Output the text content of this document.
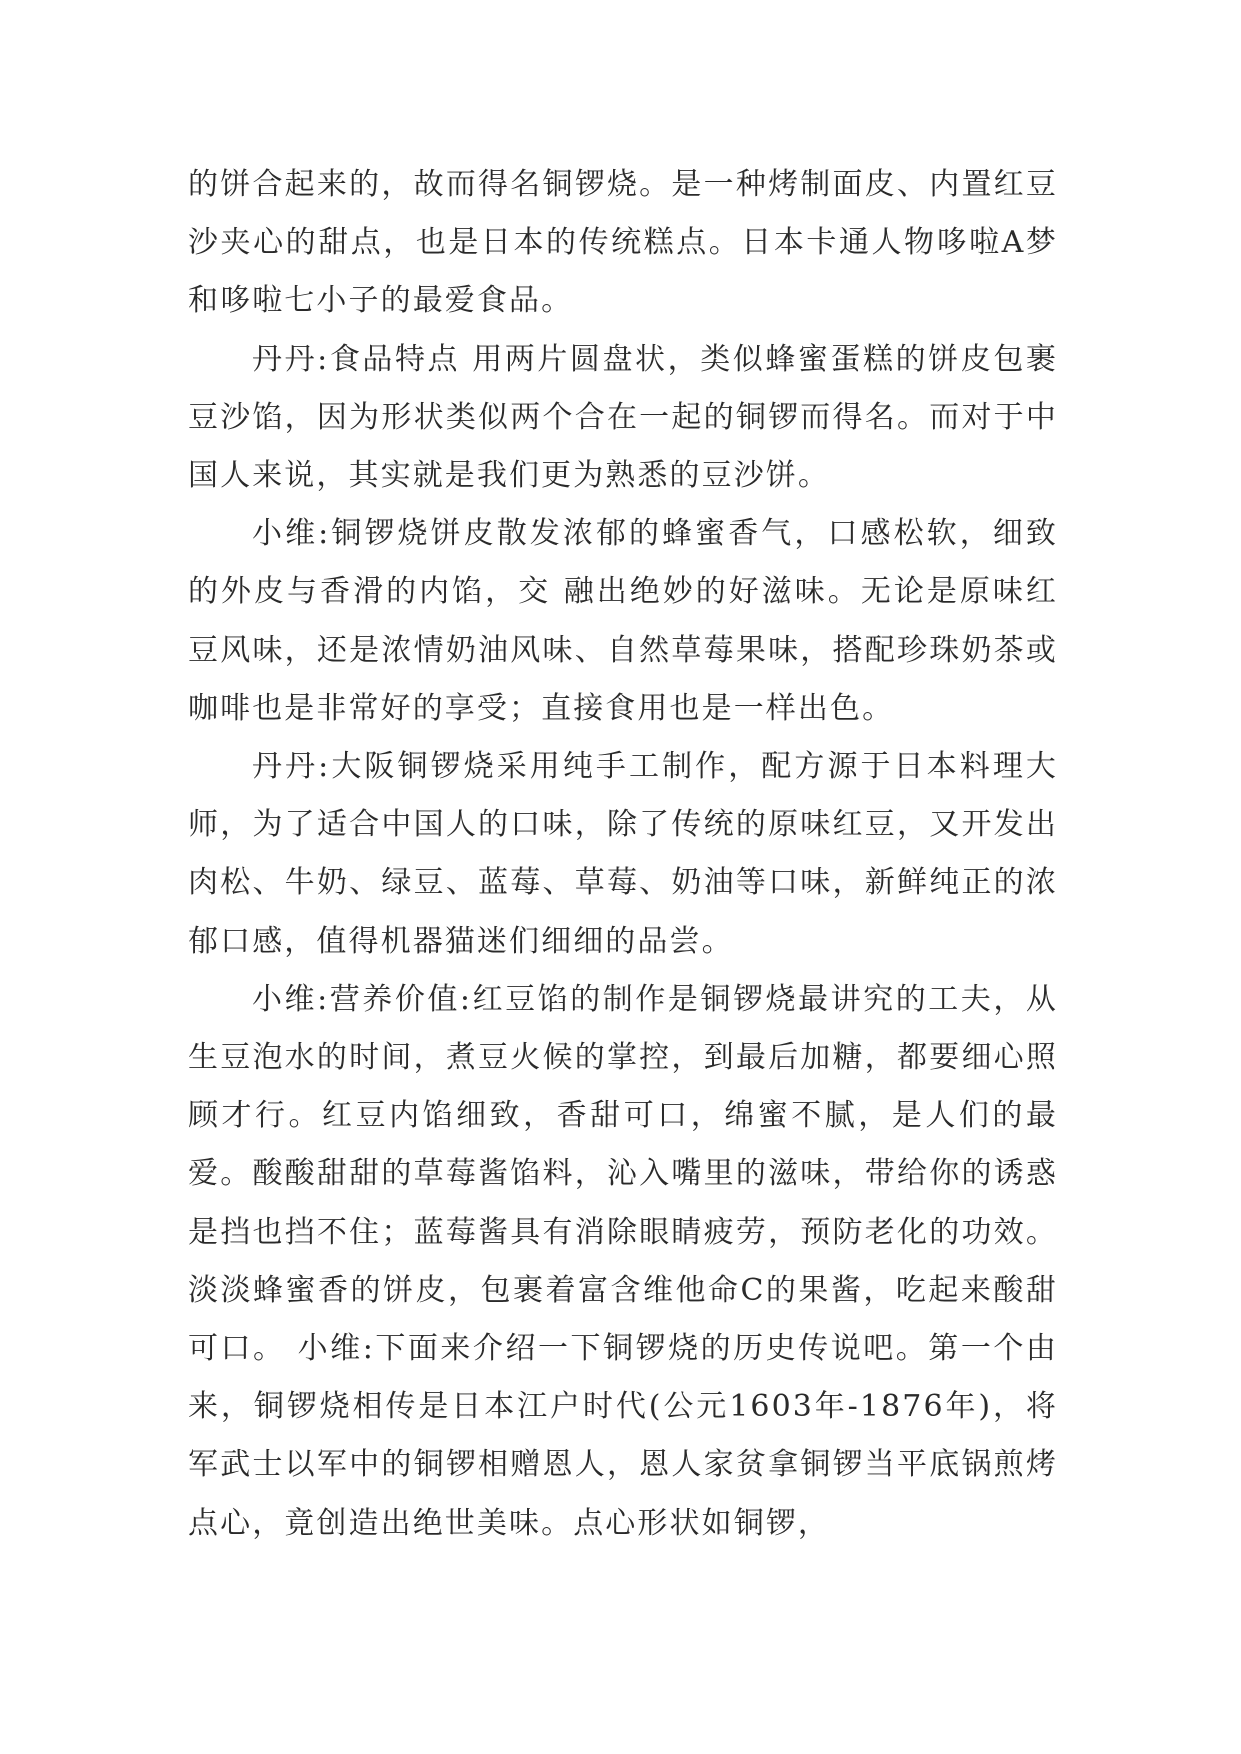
的饼合起来的，故而得名铜锣烧。是一种烤制面皮、内置红豆沙夹心的甜点，也是日本的传统糕点。日本卡通人物哆啦A梦和哆啦七小子的最爱食品。

丹丹:食品特点 用两片圆盘状，类似蜂蜜蛋糕的饼皮包裹豆沙馅，因为形状类似两个合在一起的铜锣而得名。而对于中国人来说，其实就是我们更为熟悉的豆沙饼。

小维:铜锣烧饼皮散发浓郁的蜂蜜香气，口感松软，细致的外皮与香滑的内馅，交 融出绝妙的好滋味。无论是原味红豆风味，还是浓情奶油风味、自然草莓果味，搭配珍珠奶茶或咖啡也是非常好的享受；直接食用也是一样出色。

丹丹:大阪铜锣烧采用纯手工制作，配方源于日本料理大师，为了适合中国人的口味，除了传统的原味红豆，又开发出肉松、牛奶、绿豆、蓝莓、草莓、奶油等口味，新鲜纯正的浓郁口感，值得机器猫迷们细细的品尝。

小维:营养价值:红豆馅的制作是铜锣烧最讲究的工夫，从生豆泡水的时间，煮豆火候的掌控，到最后加糖，都要细心照顾才行。红豆内馅细致，香甜可口，绵蜜不腻，是人们的最爱。酸酸甜甜的草莓酱馅料，沁入嘴里的滋味，带给你的诱惑是挡也挡不住；蓝莓酱具有消除眼睛疲劳，预防老化的功效。淡淡蜂蜜香的饼皮，包裹着富含维他命C的果酱，吃起来酸甜可口。 小维:下面来介绍一下铜锣烧的历史传说吧。第一个由来，铜锣烧相传是日本江户时代(公元1603年-1876年)，将军武士以军中的铜锣相赠恩人，恩人家贫拿铜锣当平底锅煎烤点心，竟创造出绝世美味。点心形状如铜锣，
